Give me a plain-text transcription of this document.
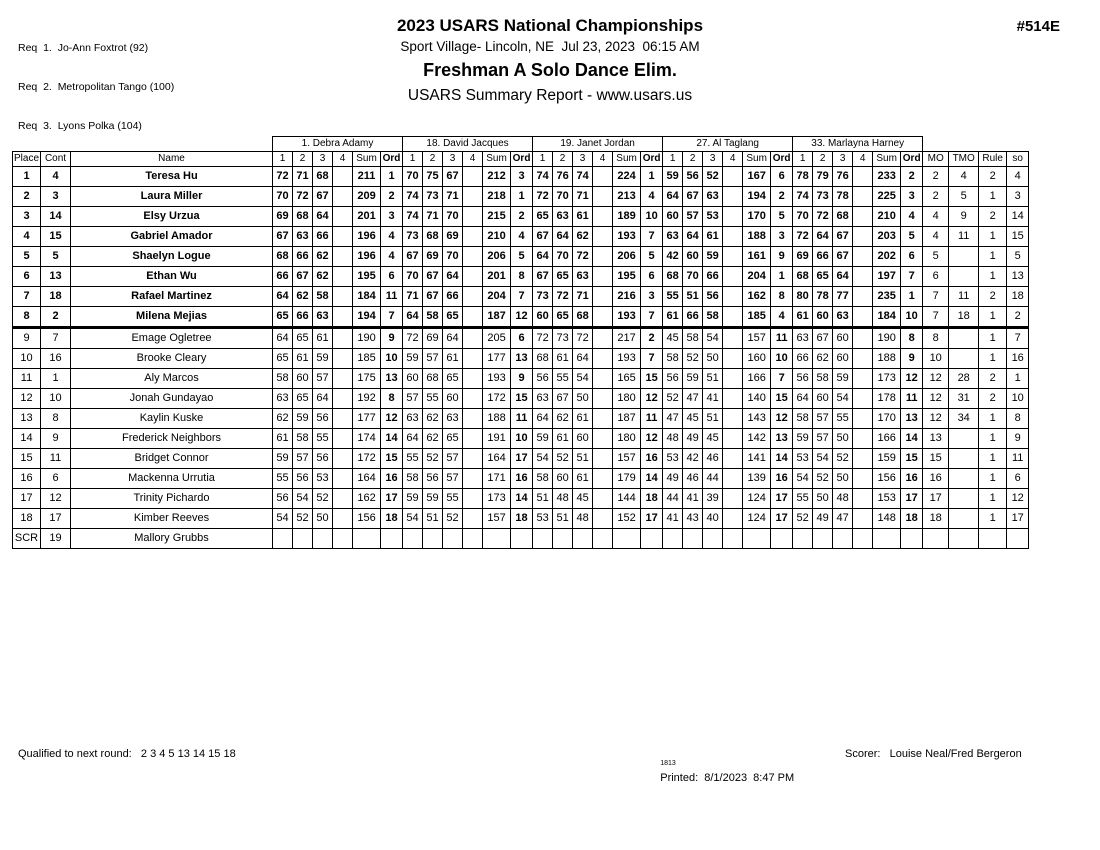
Req  1.  Jo-Ann Foxtrot (92)

Req  2.  Metropolitan Tango (100)

Req  3.  Lyons Polka (104)

2023 USARS National Championships
Sport Village- Lincoln, NE  Jul 23, 2023  06:15 AM
Freshman A Solo Dance Elim.
USARS Summary Report - www.usars.us
#514E
			1. Debra Adamy						18. David Jacques						19. Janet Jordan						27. Al Taglang						33. Marlayna Harney									
Place	Cont	Name	1	2	3	4	Sum	Ord	1	2	3	4	Sum	Ord	1	2	3	4	Sum	Ord	1	2	3	4	Sum	Ord	1	2	3	4	Sum	Ord	MO	TMO	Rule	so
1	4	Teresa Hu	72	71	68		211	1	70	75	67		212	3	74	76	74		224	1	59	56	52		167	6	78	79	76		233	2	2	4	2	4
2	3	Laura Miller	70	72	67		209	2	74	73	71		218	1	72	70	71		213	4	64	67	63		194	2	74	73	78		225	3	2	5	1	3
3	14	Elsy Urzua	69	68	64		201	3	74	71	70		215	2	65	63	61		189	10	60	57	53		170	5	70	72	68		210	4	4	9	2	14
4	15	Gabriel Amador	67	63	66		196	4	73	68	69		210	4	67	64	62		193	7	63	64	61		188	3	72	64	67		203	5	4	11	1	15
5	5	Shaelyn Logue	68	66	62		196	4	67	69	70		206	5	64	70	72		206	5	42	60	59		161	9	69	66	67		202	6	5		1	5
6	13	Ethan Wu	66	67	62		195	6	70	67	64		201	8	67	65	63		195	6	68	70	66		204	1	68	65	64		197	7	6		1	13
7	18	Rafael Martinez	64	62	58		184	11	71	67	66		204	7	73	72	71		216	3	55	51	56		162	8	80	78	77		235	1	7	11	2	18
8	2	Milena Mejias	65	66	63		194	7	64	58	65		187	12	60	65	68		193	7	61	66	58		185	4	61	60	63		184	10	7	18	1	2
9	7	Emage Ogletree	64	65	61		190	9	72	69	64		205	6	72	73	72		217	2	45	58	54		157	11	63	67	60		190	8	8		1	7
10	16	Brooke Cleary	65	61	59		185	10	59	57	61		177	13	68	61	64		193	7	58	52	50		160	10	66	62	60		188	9	10		1	16
11	1	Aly Marcos	58	60	57		175	13	60	68	65		193	9	56	55	54		165	15	56	59	51		166	7	56	58	59		173	12	12	28	2	1
12	10	Jonah Gundayao	63	65	64		192	8	57	55	60		172	15	63	67	50		180	12	52	47	41		140	15	64	60	54		178	11	12	31	2	10
13	8	Kaylin Kuske	62	59	56		177	12	63	62	63		188	11	64	62	61		187	11	47	45	51		143	12	58	57	55		170	13	12	34	1	8
14	9	Frederick Neighbors	61	58	55		174	14	64	62	65		191	10	59	61	60		180	12	48	49	45		142	13	59	57	50		166	14	13		1	9
15	11	Bridget Connor	59	57	56		172	15	55	52	57		164	17	54	52	51		157	16	53	42	46		141	14	53	54	52		159	15	15		1	11
16	6	Mackenna Urrutia	55	56	53		164	16	58	56	57		171	16	58	60	61		179	14	49	46	44		139	16	54	52	50		156	16	16		1	6
17	12	Trinity Pichardo	56	54	52		162	17	59	59	55		173	14	51	48	45		144	18	44	41	39		124	17	55	50	48		153	17	17		1	12
18	17	Kimber Reeves	54	52	50		156	18	54	51	52		157	18	53	51	48		152	17	41	43	40		124	17	52	49	47		148	18	18		1	17
SCR	19	Mallory Grubbs																																		
Qualified to next round:   2 3 4 5 13 14 15 18

$^{1813}$
Printed:  8/1/2023  8:47 PM

Scorer:   Louise Neal/Fred Bergeron
